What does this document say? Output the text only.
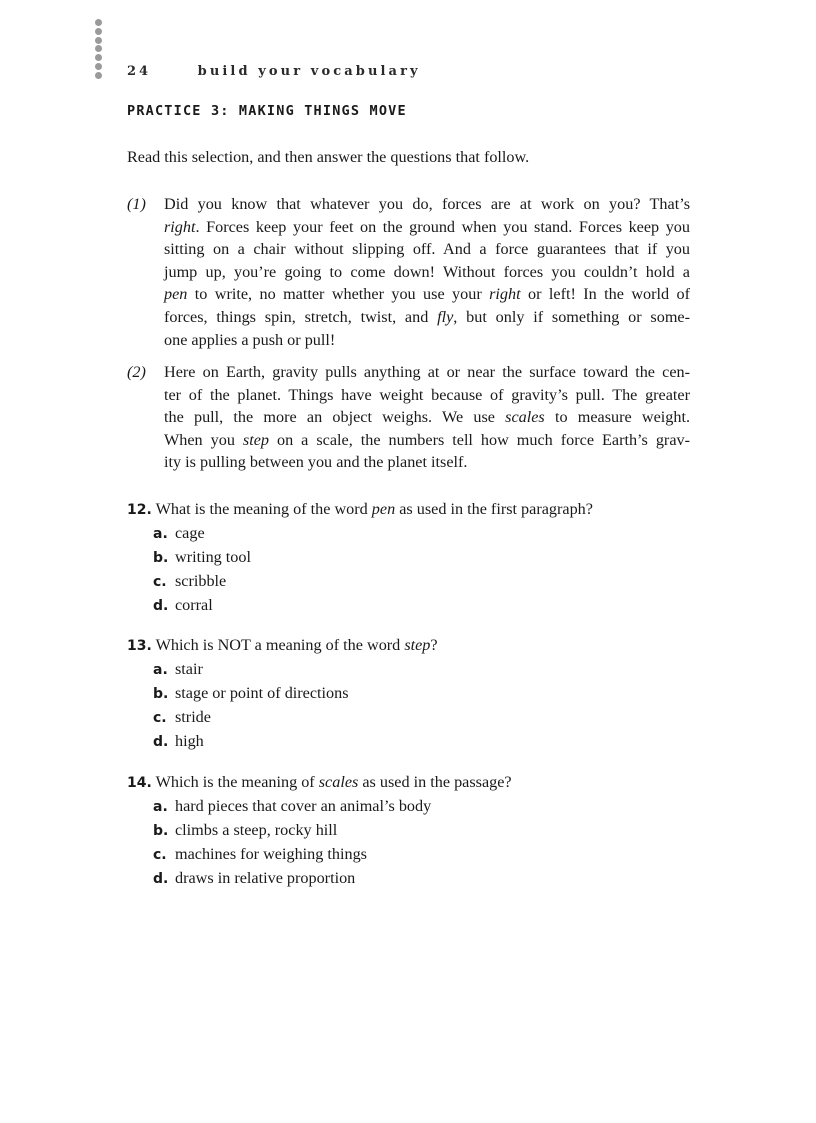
24	build your vocabulary
PRACTICE 3: MAKING THINGS MOVE
Read this selection, and then answer the questions that follow.
(1) Did you know that whatever you do, forces are at work on you? That’s
right. Forces keep your feet on the ground when you stand. Forces keep you
sitting on a chair without slipping off. And a force guarantees that if you
jump up, you’re going to come down! Without forces you couldn’t hold a
pen to write, no matter whether you use your right or left! In the world of
forces, things spin, stretch, twist, and fly, but only if something or some-
one applies a push or pull!
(2) Here on Earth, gravity pulls anything at or near the surface toward the cen-
ter of the planet. Things have weight because of gravity’s pull. The greater
the pull, the more an object weighs. We use scales to measure weight.
When you step on a scale, the numbers tell how much force Earth’s grav-
ity is pulling between you and the planet itself.
12. What is the meaning of the word pen as used in the first paragraph?
a. cage
b. writing tool
c. scribble
d. corral
13. Which is NOT a meaning of the word step?
a. stair
b. stage or point of directions
c. stride
d. high
14. Which is the meaning of scales as used in the passage?
a. hard pieces that cover an animal’s body
b. climbs a steep, rocky hill
c. machines for weighing things
d. draws in relative proportion
